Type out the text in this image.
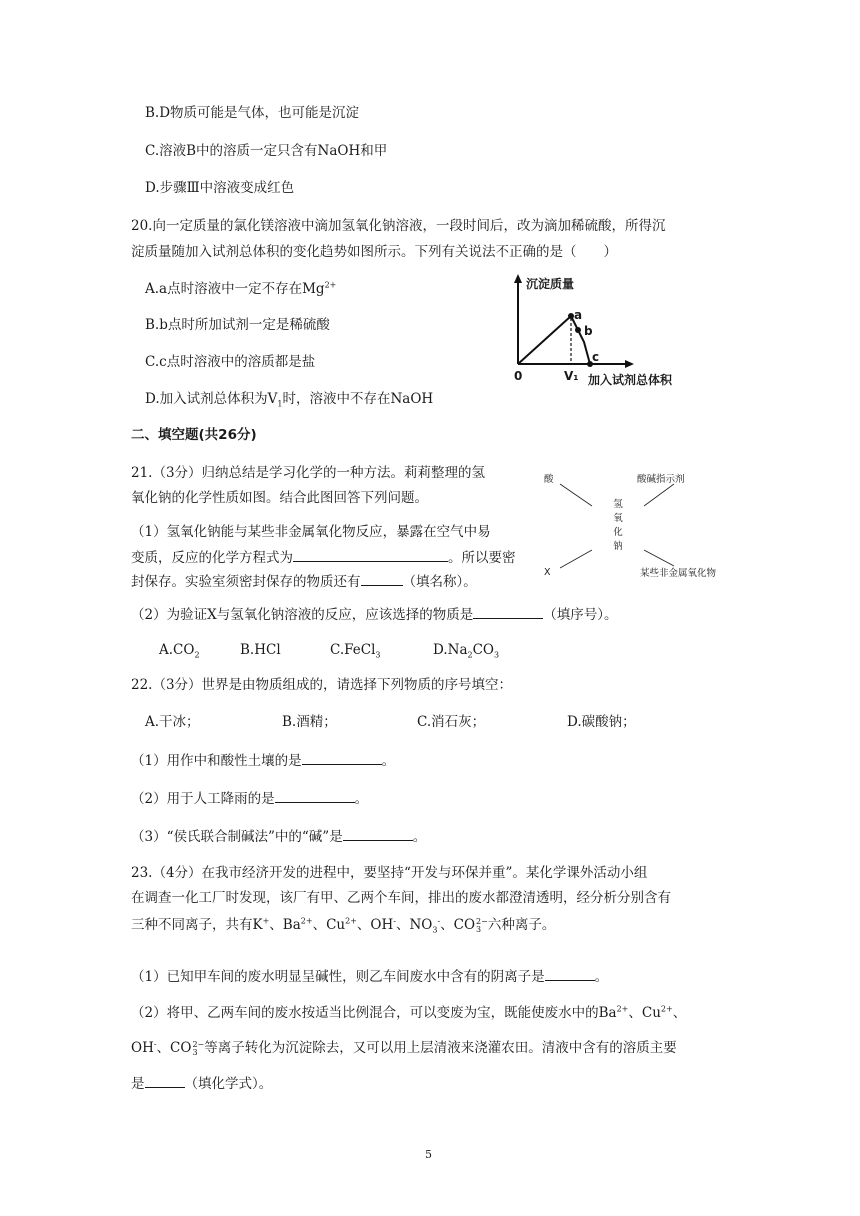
B.D物质可能是气体，也可能是沉淀
C.溶液B中的溶质一定只含有NaOH和甲
D.步骤Ⅲ中溶液变成红色
20.向一定质量的氯化镁溶液中滴加氢氧化钠溶液，一段时间后，改为滴加稀硫酸，所得沉
淀质量随加入试剂总体积的变化趋势如图所示。下列有关说法不正确的是（　　）
A.a点时溶液中一定不存在$Mg^{2+}$
B.b点时所加试剂一定是稀硫酸
C.c点时溶液中的溶质都是盐
D.加入试剂总体积为$V_1$时，溶液中不存在NaOH
沉淀质量
a
b
c
0	V₁ 加入试剂总体积
二、填空题(共26分)
21.（3分）归纳总结是学习化学的一种方法。莉莉整理的氢
氧化钠的化学性质如图。结合此图回答下列问题。
（1）氢氧化钠能与某些非金属氧化物反应，暴露在空气中易
变质，反应的化学方程式为	。所以要密
封保存。实验室须密封保存的物质还有	（填名称）。
（2）为验证X与氢氧化钠溶液的反应，应该选择的物质是	（填序号）。
$A.CO_2$	B.HCl	C.FeCl$_3$	$D.Na_2CO_3$
酸	酸碱指示剂
氢
氧
化
钠
X	某些非金属氧化物
22.（3分）世界是由物质组成的，请选择下列物质的序号填空：
A.干冰；	B.酒精；	C.消石灰；	D.碳酸钠；
（1）用作中和酸性土壤的是	。
（2）用于人工降雨的是	。
（3）“侯氏联合制碱法”中的“碱”是	。
23.（4分）在我市经济开发的进程中，要坚持“开发与环保并重”。某化学课外活动小组
在调查一化工厂时发现，该厂有甲、乙两个车间，排出的废水都澄清透明，经分析分别含有
三种不同离子，共有K+、$Ba^{2+}$、$Cu^{2+}$、OH-、$NO_3^-$、CO 2−
3 六种离子。
（1）已知甲车间的废水明显呈碱性，则乙车间废水中含有的阴离子是	。
（2）将甲、乙两车间的废水按适当比例混合，可以变废为宝，既能使废水中的$Ba^{2+}$、$Cu^{2+}$、
OH-、CO 2−
3 等离子转化为沉淀除去，又可以用上层清液来浇灌农田。清液中含有的溶质主要
是	（填化学式）。
5
